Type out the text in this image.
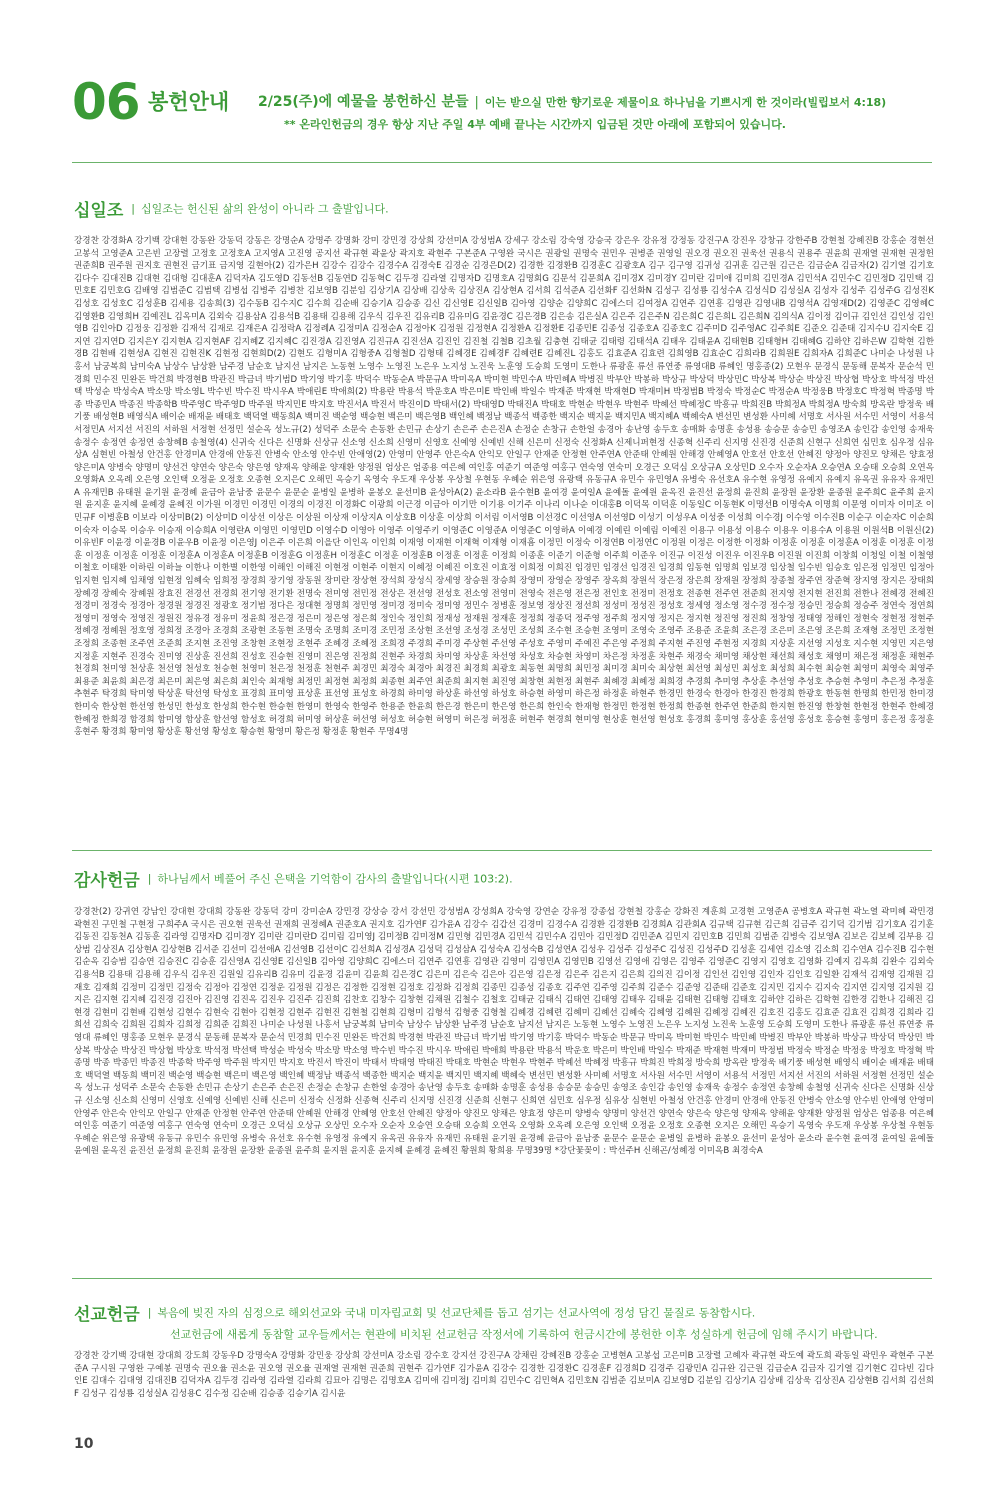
06 봉헌안내 2/25(주)에 예물을 봉헌하신 분들 | 이는 받으실 만한 향기로운 제물이요 하나님을 기쁘시게 한 것이라(빌립보서 4:18)
** 온라인헌금의 경우 항상 지난 주일 4부 예배 끝나는 시간까지 입금된 것만 아래에 포함되어 있습니다.
십일조 | 십일조는 헌신된 삶의 완성이 아니라 그 출발입니다.
강경찬 강경화A 강기백 강대현 강동완 강동덕 강동은 강명순A 강명주 강명화 강미 강민경 강상희 강선미A 강성범A 강세구 강소림 강숙영 강승국 강은우 강유정 강정동 강진구A 강진우 강창규 강한주B 강현철 강혜진B 강홍순 경현선 고봉석 고영준A 고은빈 고장렬 고정호 고정호A 고지영A 고진영 공지선 곽규현 곽윤상 곽지호 곽현주 구본준A 구영완 국시은 권광일 권명숙 권민우 권병준 권영일 권오경 권오진 권욱선 권용식 권용주 권윤희 권재열 권재현 권정헌 권준희B 권주원 권지호 권현진 금기표 금지영 길현아(2) 김가은H 김강수 김강수 김경수A 김경숙E 김경순 김경은D(2) 김경한 김경환B 김경훈C 김광호A 김구 김구영 김귀성 김귀훈 김근원 김근은 김금순A 김금자(2) 김기열 김기호 김다수 김대진B 김대현 김대형 김대훈A 김덕자A 김도영D 김동선B 김동연D 김동혁C 김두경 김라열 김명자D 김명호A 김명회G 김문석 김문희A 김미경X 김미경Y 김미란 김미애 김미희 김민경A 김민석A 김민수C 김민정D 김민택 김민호E 김민호G 김배영 김범준C 김범택 김병섭 김병주 김병찬 김보영B 김분임 김상기A 김상배 김상욱 김상진A 김상현A 김서희 김석준A 김선화F 김선화N 김성구 김성룡 김성수A 김성식D 김성실A 김성자 김성주 김성주G 김성진K 김성호 김성호C 김성훈B 김세용 김송희(3) 김수동B 김수지C 김수희 김순배 김승기A 김승종 김신 김신영E 김신일B 김아영 김양순 김양희C 김에스더 김여정A 김연주 김연흥 김영관 김영내B 김영석A 김영재D(2) 김영준C 김영혜C 김영환B 김영희H 김예진L 김옥미A 김외숙 김용삼A 김용석B 김용태 김용해 김우식 김우진 김유리B 김유미G 김윤경C 김은경B 김은송 김은실A 김은주 김은주N 김은희C 김은희L 김은희N 김의식A 김이정 김이규 김인선 김인성 김인영B 김인아D 김정웅 김정환 김재석 김재로 김재은A 김정락A 김정례A 김정미A 김정순A 김정아K 김정원 김정현A 김정환A 김정환E 김종민E 김종성 김종호A 김종호C 김주미D 김주영AC 김주희E 김준오 김준태 김지수U 김지숙E 김지연 김지연D 김지은Y 김지현A 김지현AF 김지혜Z 김지혜C 김진경A 김진영A 김진규A 김진선A 김진인 김진철 김철B 김초월 김충현 김태균 김태령 김태석A 김태우 김태윤A 김태현B 김태형H 김태혜G 김하얀 김하은W 김학현 김한경B 김현배 김현성A 김현진 김현진K 김현정 김현희D(2) 김현도 김형미A 김형중A 김형철D 김형태 김혜경E 김혜경F 김혜련E 김혜진L 김홍도 김효준A 김효련 김희영B 김효순C 김희라B 김희원E 김희자A 김희준C 나미순 나성원 나홍서 남궁복희 남미숙A 남상수 남상환 남주경 남순호 남지선 남지은 노동현 노영수 노영진 노은우 노지성 노진욱 노훈영 도승희 도영미 도한나 류광훈 류선 류연중 류영대B 류혜인 명홍종(2) 모현우 문경식 문동해 문복자 문순석 민경희 민수진 민완돈 박건희 박경현B 박관진 박금녀 박기범D 박기영 박기홍 박덕수 박동순A 박문규A 박미옥A 박미현 박민수A 박민혜A 박병진 박부안 박봉하 박상규 박상덕 박상민C 박상복 박상순 박상진 박상협 박상호 박석정 박선택 박성순 박성숙A 박소망 박소영L 박수빈 박수진 박시우A 박애린E 박애희(2) 박용란 박용석 박운호A 박은미E 박인배 박일수 박재준 박재현 박재현D 박재미H 박정범B 박정숙 박정순C 박정순A 박정웅B 박정호C 박정혁 박종명 박종 박종민A 박종진 박종학B 박주영C 박주영D 박주원 박지민E 박지호 박진서A 박진서 박진이D 박태서(2) 박태영D 박태진A 박태호 박현순 박현우 박현주 박혜선 박혜정C 박흥규 박희진B 박희정A 박희정A 방숙희 방옥란 방정욱 배기풍 배성현B 배영식A 배이순 배재윤 배태호 백덕열 백동희A 백미진 백순영 백승현 백은미 백은영B 백인혜 백정남 백종석 백종한 백지순 백지윤 백지민A 백지혜A 백혜숙A 변선민 변성환 사미혜 서명호 서사원 서수민 서영이 서용석 서정민A 서지선 서진의 서하원 서정현 선정민 설순옥 성노규(2) 성덕주 소문숙 손동환 손민규 손상기 손은주 손은진A 손정순 손창규 손한얼 송경아 송난영 송두호 송매화 송명훈 송성용 송승문 송승민 송영조A 송인감 송인영 송재욱 송정수 송정연 송정연 송창혜B 송철영(4) 신귀숙 신다은 신명화 신상규 신소영 신소희 신영미 신영호 신예영 신예빈 신해 신은미 신정숙 신정화A 신제니퍼현정 신종혁 신주리 신지명 신진경 신준희 신현구 신희연 심민호 심우정 심유상A 심현빈 아철성 안건홍 안경미A 안경애 안동진 안병숙 안소영 안수빈 안애영(2) 안영미 안영주 안은숙A 안익모 안일구 안재준 안정현 안주연A 안준태 안혜원 안해경 안혜영A 안호선 안호선 안혜진 양정아 양진모 양채은 양효정 양은미A 양병숙 양명미 양선건 양연숙 양은숙 양은영 양재옥 양해윤 양재환 양정원 엄상은 엄종용 여은혜 여인홍 여준기 여준영 여홍구 연숙영 연숙미 오경근 오덕심 오상규A 오상민D 오수자 오순자A 오승연A 오승태 오승희 오연옥 오영화A 오옥례 오은영 오인택 오정윤 오정호 오종현 오지은C 오해민 옥승기 옥영숙 우도재 우상봉 우상철 우현동 우혜순 위은영 유광택 유동규A 유민수 유민영A 유병숙 유선호A 유수현 유영정 유예지 유예지 유옥권 유유자 유재민A 유재민B 유태원 윤기원 윤경혜 윤금아 윤남중 윤문수 윤문순 윤병일 윤병하 윤봉오 윤선미B 윤성아A(2) 윤소라B 윤수현B 윤여경 윤여일A 윤예돌 윤예원 윤옥진 윤진선 윤정희 윤진희 윤장원 윤장환 윤종원 윤주희C 윤주희 윤지원 윤지훈 윤지혜 윤혜경 윤혜진 이가원 이경민 이경민 이경의 이경진 이경화C 이광희 이근경 이금아 이기만 이기용 이기주 이나리 이나순 이대홍B 이덕목 이덕훈 이동일C 이동현K 이명선B 이명숙A 이명희 이문영 이미자 이미조 이민규F 이병훈B 이보라 이상미B(2) 이상미D 이상선 이상은 이상원 이상재 이상지A 이상호B 이상훈 이상희 이서림 이서영B 이선경C 이선영A 이선영D 이성기 이성우A 이성중 이성희 이수경J 이수영 이수진B 이순구 이순자C 이순희 이숙자 이승목 이승우 이승재 이승희A 이영란A 이영민 이영민D 이영수D 이영아 이영주 이영주키 이영준C 이영준A 이영준C 이영하A 이예경 이예린 이예림 이예진 이용구 이용성 이용수 이용우 이용수A 이용원 이원석B 이원신(2) 이유빈F 이윤경 이윤경B 이윤우B 이윤정 이은영J 이은주 이은희 이을단 이인옥 이인희 이재영 이재현 이재혁 이재형 이재흠 이정민 이정숙 이정연B 이정연C 이정원 이정은 이정한 이정화 이정훈 이정훈 이정훈A 이정훈 이정훈 이정훈 이정훈 이정훈 이정훈 이정훈A 이정훈A 이정훈B 이정훈G 이정훈H 이정훈C 이정훈 이정훈B 이정훈 이정훈 이정희 이종훈 이준기 이준형 이주희 이준우 이진규 이진성 이진우 이진우B 이진원 이진희 이창희 이청일 이철 이철영 이철호 이태환 이하린 이하늘 이한나 이한별 이한영 이해인 이해진 이현정 이현주 이현지 이혜정 이혜진 이호진 이효정 이희정 이희진 임경민 임경선 임경진 임경희 임동현 임명희 임보경 임상철 임수빈 임승호 임은정 임정민 임정아 임지현 임지혜 임채영 임현정 임혜숙 임희정 장경희 장기영 장동원 장미란 장상현 장석희 장성식 장세영 장승원 장승희 장영미 장영순 장영주 장옥희 장원석 장은정 장은희 장재원 장정희 장종철 장주연 장준혁 장지영 장지은 장태희 장혜경 장혜숙 장혜원 장효진 전경선 전경희 전기영 전기환 전명숙 전미영 전민정 전상은 전선영 전성호 전소영 전영미 전영숙 전은영 전은정 전인호 전정미 전정호 전종현 전주연 전준희 전지영 전지현 전진희 전한나 전혜경 전혜진 정경미 정경숙 정경아 정경원 정경진 정광호 정기범 정다은 정대현 정명희 정민영 정미경 정미숙 정미영 정민수 정병훈 정보영 정상진 정선희 정성미 정성진 정성호 정세영 정소영 정수경 정수정 정승민 정승희 정승주 정연숙 정연희 정영미 정영숙 정영진 정원진 정유경 정유미 정윤희 정은경 정은미 정은영 정은희 정인숙 정인희 정재성 정재원 정재훈 정정희 정종덕 정주영 정주희 정지영 정지은 정지현 정진영 정진희 정창영 정태영 정해인 정현숙 정현정 정현주 정혜경 정혜원 정호영 정희정 조경아 조경희 조광현 조동현 조명숙 조명희 조미경 조민정 조상현 조선영 조성경 조성민 조성희 조수현 조승현 조영미 조영숙 조영주 조용준 조윤희 조은경 조은미 조은영 조은희 조재형 조정민 조정현 조정희 조종현 조주연 조준희 조지현 조진영 조창현 조현정 조현주 조혜경 조혜정 조희경 주경희 주미경 주상현 주선영 주성호 주영미 주예진 주은영 주정희 주지현 주진영 주현정 지경희 지상훈 지선영 지성호 지수현 지영민 지은영 지정훈 지현주 진경숙 진미영 진상훈 진선희 진성호 진승현 진영미 진은영 진정희 진현주 차경희 차미영 차상훈 차선영 차성호 차승현 차영미 차은정 차정훈 차현주 채경숙 채미영 채상현 채선희 채성호 채영미 채은정 채정훈 채현주 천경희 천미영 천상훈 천선영 천성호 천승현 천영미 천은정 천정훈 천현주 최경민 최경숙 최경아 최경진 최경희 최광호 최동현 최명희 최민정 최미경 최미숙 최상현 최선영 최성민 최성호 최성희 최수현 최승현 최영미 최영숙 최영주 최용준 최윤희 최은경 최은미 최은영 최은희 최인숙 최재형 최정민 최정현 최정희 최종현 최주연 최준희 최지현 최진영 최창현 최현정 최현주 최혜경 최혜정 최희경 추경희 추미영 추상훈 추선영 추성호 추승현 추영미 추은정 추정훈 추현주 탁경희 탁미영 탁상훈 탁선영 탁성호 표경희 표미영 표상훈 표선영 표성호 하경희 하미영 하상훈 하선영 하성호 하승현 하영미 하은정 하정훈 하현주 한경민 한경숙 한경아 한경진 한경희 한광호 한동현 한명희 한민정 한미경 한미숙 한상현 한선영 한성민 한성호 한성희 한수현 한승현 한영미 한영숙 한영주 한용준 한윤희 한은경 한은미 한은영 한은희 한인숙 한재형 한정민 한정현 한정희 한종현 한주연 한준희 한지현 한진영 한창현 한현정 한현주 한혜경 한혜정 한희경 함경희 함미영 함상훈 함선영 함성호 허경희 허미영 허상훈 허선영 허성호 허승현 허영미 허은정 허정훈 허현주 현경희 현미영 현상훈 현선영 현성호 홍경희 홍미영 홍상훈 홍선영 홍성호 홍승현 홍영미 홍은정 홍정훈 홍현주 황경희 황미영 황상훈 황선영 황성호 황승현 황영미 황은정 황정훈 황현주 무명4명
감사헌금 | 하나님께서 베풀어 주신 은택을 기억함이 감사의 출발입니다(시편 103:2).
강경찬(2) 강귀연 강남인 강대현 강대희 강동완 강동덕 강미 강미순A 강민경 강상승 강서 강선민 강성범A 강성희A 강숙영 강연순 강유정 강종섭 강현철 강홍순 강화진 계훈희 고경현 고영준A 공병호A 곽규현 곽노열 곽미혜 곽민경 곽현진 구민철 구현정 구희주A 국시은 권오현 권욱선 권재희 권정혜A 권준호A 권지호 김가연F 김가윤A 김강수 김갑선 김경미 김경수A 김경환 김경환B 김경희A 김관회A 김규택 김규현 김근희 김금주 김기덕 김기범 김기호A 김기훈 김동진 김동천A 김동훈 김라영 김명자D 김미경Y 김미란 김미란D 김미림 김미영J 김미정B 김미정M 김민형 김민경A 김민석 김민수A 김민아 김민정D 김민준A 김민지 김민호B 김민희 김범준 김병숙 김보영A 김보은 김보혜 김부용 김상범 김상진A 김상현A 김상현B 김서준 김선미 김선애A 김선영B 김선이C 김선희A 김성경A 김성덕 김성삼A 김성숙A 김성숙B 김성연A 김성우 김성주 김성주C 김성진 김성주D 김성훈 김세연 김소영 김소희 김수연A 김수진B 김수현 김순옥 김승범 김승연 김승진C 김승훈 김신영A 김신영E 김신일B 김아영 김양희C 김에스더 김연주 김연흥 김영관 김영미 김영민A 김영민B 김영선 김영애 김영은 김영주 김영준C 김영지 김영호 김영화 김예지 김옥희 김완수 김외숙 김용석B 김용태 김용해 김우식 김우진 김원일 김유리B 김유미 김윤경 김윤미 김윤희 김은경C 김은미 김은숙 김은아 김은영 김은정 김은주 김은지 김은희 김의진 김이정 김인선 김인영 김인자 김인호 김일환 김재석 김재영 김재원 김재호 김재희 김정미 김정민 김정숙 김정아 김정연 김정운 김정원 김정은 김정한 김정현 김정호 김정화 김정희 김종민 김종성 김종호 김주연 김주영 김주희 김준수 김준영 김준태 김준호 김지민 김지수 김지숙 김지연 김지영 김지원 김지은 김지현 김지혜 김진경 김진아 김진영 김진옥 김진우 김진주 김진희 김찬호 김창수 김창현 김채원 김철수 김철호 김태균 김태식 김태연 김태영 김태우 김태윤 김태현 김태형 김태호 김하얀 김하은 김학현 김한경 김한나 김해진 김현경 김현미 김현배 김현성 김현수 김현숙 김현아 김현정 김현주 김현진 김현철 김현희 김형미 김형석 김형중 김형철 김혜경 김혜련 김혜미 김혜선 김혜숙 김혜영 김혜원 김혜정 김혜진 김호진 김홍도 김효준 김효진 김희경 김희라 김희선 김희숙 김희원 김희자 김희정 김희준 김희진 나미순 나성원 나홍서 남궁복희 남미숙 남상수 남상환 남주경 남순호 남지선 남지은 노동현 노영수 노영진 노은우 노지성 노진욱 노훈영 도승희 도영미 도한나 류광훈 류선 류연중 류영대 류혜인 명홍종 모현우 문경식 문동해 문복자 문순석 민경희 민수진 민완돈 박건희 박경현 박관진 박금녀 박기범 박기영 박기홍 박덕수 박동순 박문규 박미옥 박미현 박민수 박민혜 박병진 박부안 박봉하 박상규 박상덕 박상민 박상복 박상순 박상진 박상협 박상호 박석정 박선택 박성순 박성숙 박소망 박소영 박수빈 박수진 박시우 박애린 박애희 박용란 박용석 박운호 박은미 박인배 박일수 박재준 박재현 박재미 박정범 박정숙 박정순 박정웅 박정호 박정혁 박종명 박종 박종민 박종진 박종학 박주영 박주원 박지민 박지호 박진서 박진이 박태서 박태영 박태진 박태호 박현순 박현우 박현주 박혜선 박혜정 박흥규 박희진 박희정 방숙희 방옥란 방정욱 배기풍 배성현 배영식 배이순 배재윤 배태호 백덕열 백동희 백미진 백순영 백승현 백은미 백은영 백인혜 백정남 백종석 백종한 백지순 백지윤 백지민 백지혜 백혜숙 변선민 변성환 사미혜 서명호 서사원 서수민 서영이 서용석 서정민 서지선 서진의 서하원 서정현 선정민 설순옥 성노규 성덕주 소문숙 손동환 손민규 손상기 손은주 손은진 손정순 손창규 손한얼 송경아 송난영 송두호 송매화 송명훈 송성용 송승문 송승민 송영조 송인감 송인영 송재욱 송정수 송정연 송창혜 송철영 신귀숙 신다은 신명화 신상규 신소영 신소희 신영미 신영호 신예영 신예빈 신해 신은미 신정숙 신정화 신종혁 신주리 신지명 신진경 신준희 신현구 신희연 심민호 심우정 심유상 심현빈 아철성 안건홍 안경미 안경애 안동진 안병숙 안소영 안수빈 안애영 안영미 안영주 안은숙 안익모 안일구 안재준 안정현 안주연 안준태 안혜원 안해경 안혜영 안호선 안혜진 양정아 양진모 양채은 양효정 양은미 양병숙 양명미 양선건 양연숙 양은숙 양은영 양재옥 양해윤 양재환 양정원 엄상은 엄종용 여은혜 여인홍 여준기 여준영 여홍구 연숙영 연숙미 오경근 오덕심 오상규 오상민 오수자 오순자 오승연 오승태 오승희 오연옥 오영화 오옥례 오은영 오인택 오정윤 오정호 오종현 오지은 오해민 옥승기 옥영숙 우도재 우상봉 우상철 우현동 우혜순 위은영 유광택 유동규 유민수 유민영 유병숙 유선호 유수현 유영정 유예지 유옥권 유유자 유재민 유태원 윤기원 윤경혜 윤금아 윤남중 윤문수 윤문순 윤병일 윤병하 윤봉오 윤선미 윤성아 윤소라 윤수현 윤여경 윤여일 윤예돌 윤예원 윤옥진 윤진선 윤정희 윤진희 윤장원 윤장환 윤종원 윤주희 윤지원 윤지훈 윤지혜 윤혜경 윤혜진 황원희 황희용 무명39명 *강단꽃꽂이 : 박선주H 신해곤/성혜정 이미옥B 최경숙A
선교헌금 | 복음에 빚진 자의 심정으로 해외선교와 국내 미자립교회 및 선교단체를 돕고 섬기는 선교사역에 정성 담긴 물질로 동참합시다.
선교헌금에 새롭게 동참할 교우들께서는 현관에 비치된 선교헌금 작정서에 기록하여 헌금시간에 봉헌한 이후 성실하게 헌금에 임해 주시기 바랍니다.
강경찬 강기백 강대현 강대희 강도희 강동우D 강명숙A 강명화 강민웅 강상희 강선미A 강소림 강수호 강지선 강진구A 강채린 강혜진B 강홍순 고병현A 고봉섭 고은미B 고장렬 고혜자 곽규현 곽도예 곽도희 곽동일 곽민우 곽현주 구본준A 구시원 구영완 구예봉 권명숙 권오율 권소윤 권오영 권오율 권재열 권재현 권준희 권현주 김가연F 김가윤A 김강수 김경한 김경환C 김경훈F 김경희D 김경주 김광민A 김규완 김근원 김금순A 김금자 김기열 김기현C 김다빈 김다인E 김대수 김대영 김대진B 김덕자A 김두경 김라영 김라열 김라희 김묘아 김명은 김명호A 김미애 김미정J 김미희 김민수C 김민혁A 김민호N 김범준 김보미A 김보영D 김분임 김상기A 김상배 김상욱 김상진A 김상현B 김서희 김선희F 김성구 김성룡 김성실A 김성용C 김수정 김순배 김승종 김승기A 김시윤
10
